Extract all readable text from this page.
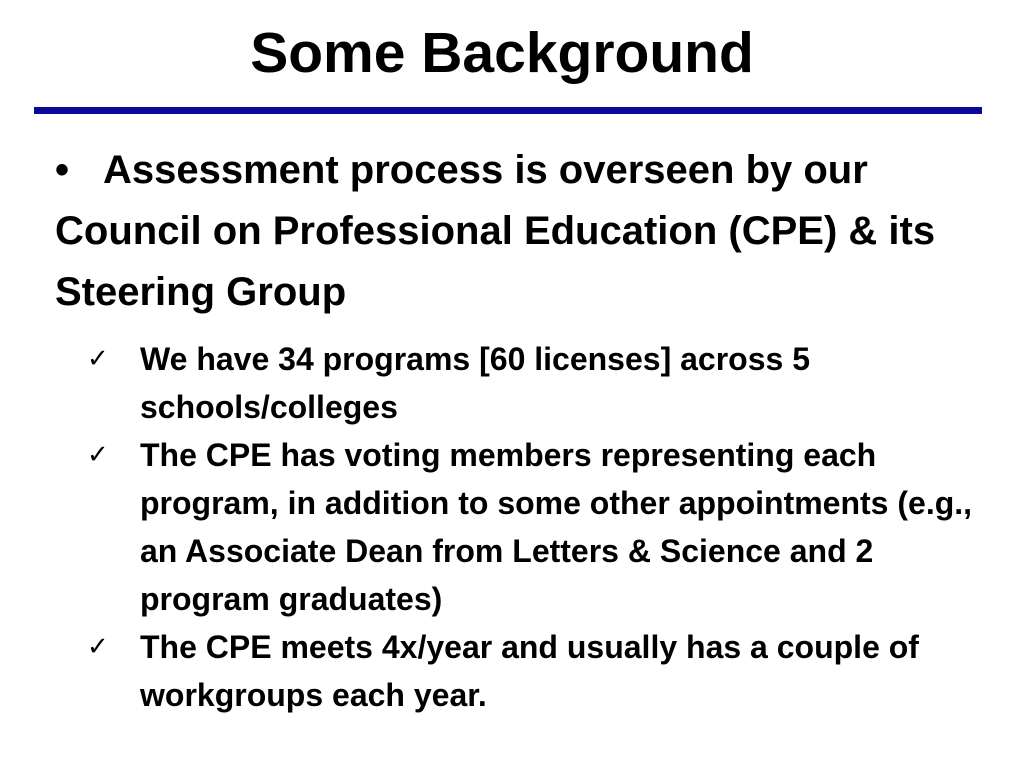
Some Background

• Assessment process is overseen by our Council on Professional Education (CPE) & its Steering Group

✓ We have 34 programs [60 licenses] across 5 schools/colleges
✓ The CPE has voting members representing each program, in addition to some other appointments (e.g., an Associate Dean from Letters & Science and 2 program graduates)
✓ The CPE meets 4x/year and usually has a couple of workgroups each year.
